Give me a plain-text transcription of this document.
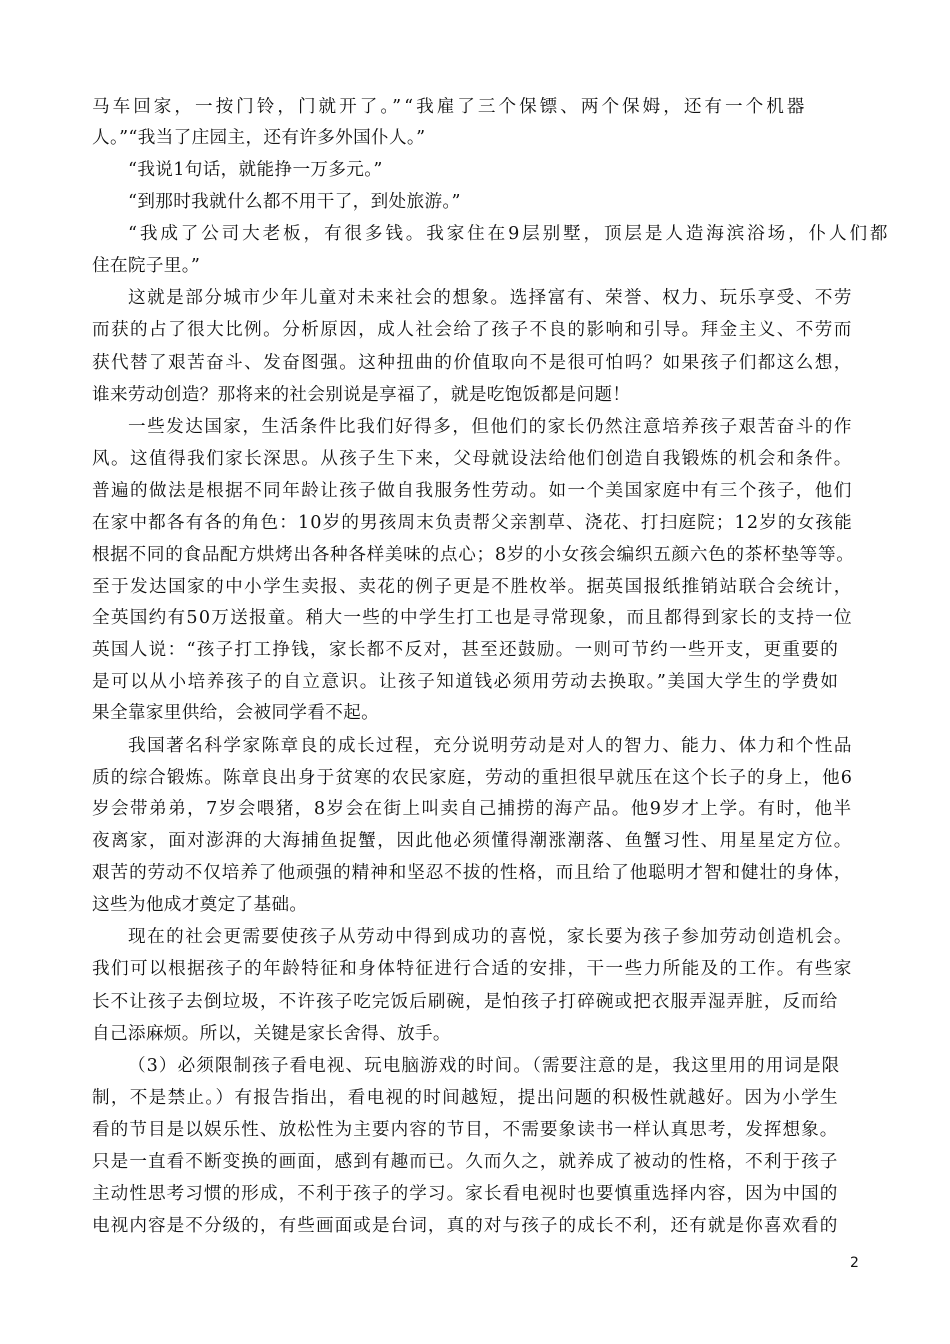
马车回家，一按门铃，门就开了。”“我雇了三个保镖、两个保姆，还有一个机器
人。”“我当了庄园主，还有许多外国仆人。”
“我说1句话，就能挣一万多元。”
“到那时我就什么都不用干了，到处旅游。”
“我成了公司大老板，有很多钱。我家住在9层别墅，顶层是人造海滨浴场，仆人们都
住在院子里。”
这就是部分城市少年儿童对未来社会的想象。选择富有、荣誉、权力、玩乐享受、不劳
而获的占了很大比例。分析原因，成人社会给了孩子不良的影响和引导。拜金主义、不劳而
获代替了艰苦奋斗、发奋图强。这种扭曲的价值取向不是很可怕吗？如果孩子们都这么想，
谁来劳动创造？那将来的社会别说是享福了，就是吃饱饭都是问题！
一些发达国家，生活条件比我们好得多，但他们的家长仍然注意培养孩子艰苦奋斗的作
风。这值得我们家长深思。从孩子生下来，父母就设法给他们创造自我锻炼的机会和条件。
普遍的做法是根据不同年龄让孩子做自我服务性劳动。如一个美国家庭中有三个孩子，他们
在家中都各有各的角色：10岁的男孩周末负责帮父亲割草、浇花、打扫庭院；12岁的女孩能
根据不同的食品配方烘烤出各种各样美味的点心；8岁的小女孩会编织五颜六色的茶杯垫等等。
至于发达国家的中小学生卖报、卖花的例子更是不胜枚举。据英国报纸推销站联合会统计，
全英国约有50万送报童。稍大一些的中学生打工也是寻常现象，而且都得到家长的支持一位
英国人说：“孩子打工挣钱，家长都不反对，甚至还鼓励。一则可节约一些开支，更重要的
是可以从小培养孩子的自立意识。让孩子知道钱必须用劳动去换取。”美国大学生的学费如
果全靠家里供给，会被同学看不起。
我国著名科学家陈章良的成长过程，充分说明劳动是对人的智力、能力、体力和个性品
质的综合锻炼。陈章良出身于贫寒的农民家庭，劳动的重担很早就压在这个长子的身上，他6
岁会带弟弟，7岁会喂猪，8岁会在街上叫卖自己捕捞的海产品。他9岁才上学。有时，他半
夜离家，面对澎湃的大海捕鱼捉蟹，因此他必须懂得潮涨潮落、鱼蟹习性、用星星定方位。
艰苦的劳动不仅培养了他顽强的精神和坚忍不拔的性格，而且给了他聪明才智和健壮的身体，
这些为他成才奠定了基础。
现在的社会更需要使孩子从劳动中得到成功的喜悦，家长要为孩子参加劳动创造机会。
我们可以根据孩子的年龄特征和身体特征进行合适的安排，干一些力所能及的工作。有些家
长不让孩子去倒垃圾，不许孩子吃完饭后刷碗，是怕孩子打碎碗或把衣服弄湿弄脏，反而给
自己添麻烦。所以，关键是家长舍得、放手。
（3）必须限制孩子看电视、玩电脑游戏的时间。（需要注意的是，我这里用的用词是限
制，不是禁止。）有报告指出，看电视的时间越短，提出问题的积极性就越好。因为小学生
看的节目是以娱乐性、放松性为主要内容的节目，不需要象读书一样认真思考，发挥想象。
只是一直看不断变换的画面，感到有趣而已。久而久之，就养成了被动的性格，不利于孩子
主动性思考习惯的形成，不利于孩子的学习。家长看电视时也要慎重选择内容，因为中国的
电视内容是不分级的，有些画面或是台词，真的对与孩子的成长不利，还有就是你喜欢看的
2
